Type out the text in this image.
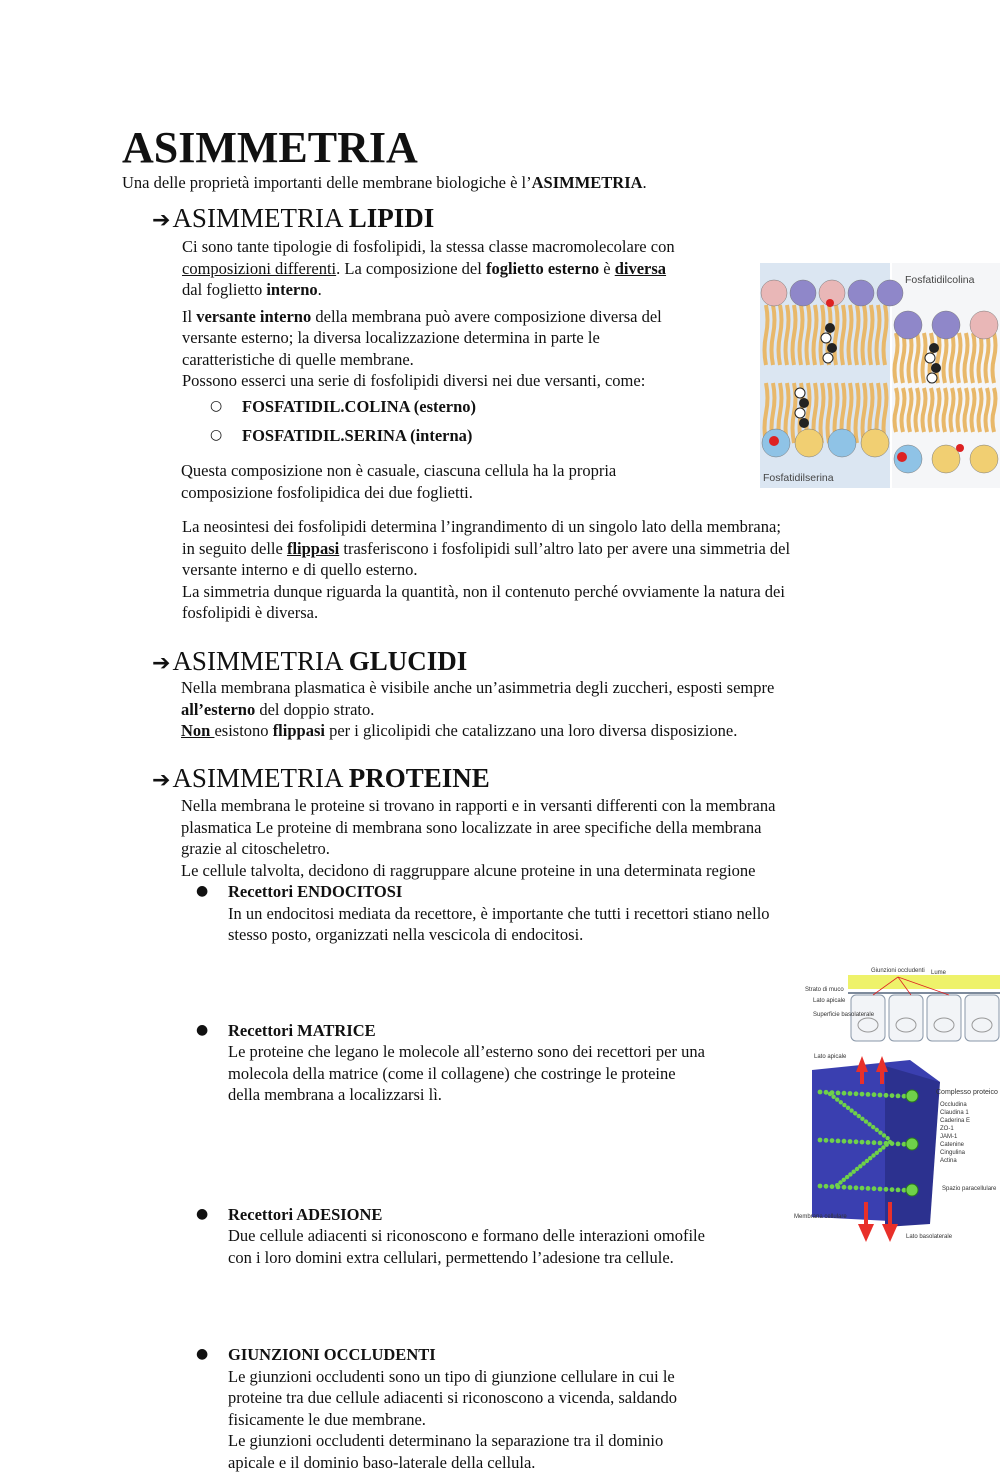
ASIMMETRIA
Una delle proprietà importanti delle membrane biologiche è l’ASIMMETRIA.
➔ASIMMETRIA LIPIDI

Ci sono tante tipologie di fosfolipidi, la stessa classe macromolecolare con
composizioni differenti. La composizione del foglietto esterno è diversa
dal foglietto interno.

Il versante interno della membrana può avere composizione diversa del
versante esterno; la diversa localizzazione determina in parte le
caratteristiche di quelle membrane.
Possono esserci una serie di fosfolipidi diversi nei due versanti, come:

○ FOSFATIDIL.COLINA (esterno)
○ FOSFATIDIL.SERINA (interna)
Questa composizione non è casuale, ciascuna cellula ha la propria
composizione fosfolipidica dei due foglietti.
La neosintesi dei fosfolipidi determina l’ingrandimento di un singolo lato della membrana;
in seguito delle flippasi trasferiscono i fosfolipidi sull’altro lato per avere una simmetria del
versante interno e di quello esterno.
La simmetria dunque riguarda la quantità, non il contenuto perché ovviamente la natura dei
fosfolipidi è diversa.
Fosfatidilcolina
Fosfatidilserina
➔ASIMMETRIA GLUCIDI
Nella membrana plasmatica è visibile anche un’asimmetria degli zuccheri, esposti sempre
all’esterno del doppio strato.
Non esistono flippasi per i glicolipidi che catalizzano una loro diversa disposizione.
➔ASIMMETRIA PROTEINE
Nella membrana le proteine si trovano in rapporti e in versanti differenti con la membrana
plasmatica Le proteine di membrana sono localizzate in aree specifiche della membrana
grazie al citoscheletro.
Le cellule talvolta, decidono di raggruppare alcune proteine in una determinata regione
● Recettori ENDOCITOSI
In un endocitosi mediata da recettore, è importante che tutti i recettori stiano nello
stesso posto, organizzati nella vescicola di endocitosi.
● Recettori MATRICE
Le proteine che legano le molecole all’esterno sono dei recettori per una
molecola della matrice (come il collagene) che costringe le proteine
della membrana a localizzarsi lì.
● Recettori ADESIONE
Due cellule adiacenti si riconoscono e formano delle interazioni omofile
con i loro domini extra cellulari, permettendo l’adesione tra cellule.
● GIUNZIONI OCCLUDENTI
Le giunzioni occludenti sono un tipo di giunzione cellulare in cui le
proteine tra due cellule adiacenti si riconoscono a vicenda, saldando
fisicamente le due membrane.
Le giunzioni occludenti determinano la separazione tra il dominio
apicale e il dominio baso-laterale della cellula.
Giunzioni occludenti Lume
Strato di muco
Lato apicale
Superficie basolaterale
Lato apicale
Complesso proteico
Occludina
Claudina 1
Caderina E
ZO-1
JAM-1
Catenine
Cingulina
Actina
Spazio paracellulare
Membrana cellulare
Lato basolaterale
